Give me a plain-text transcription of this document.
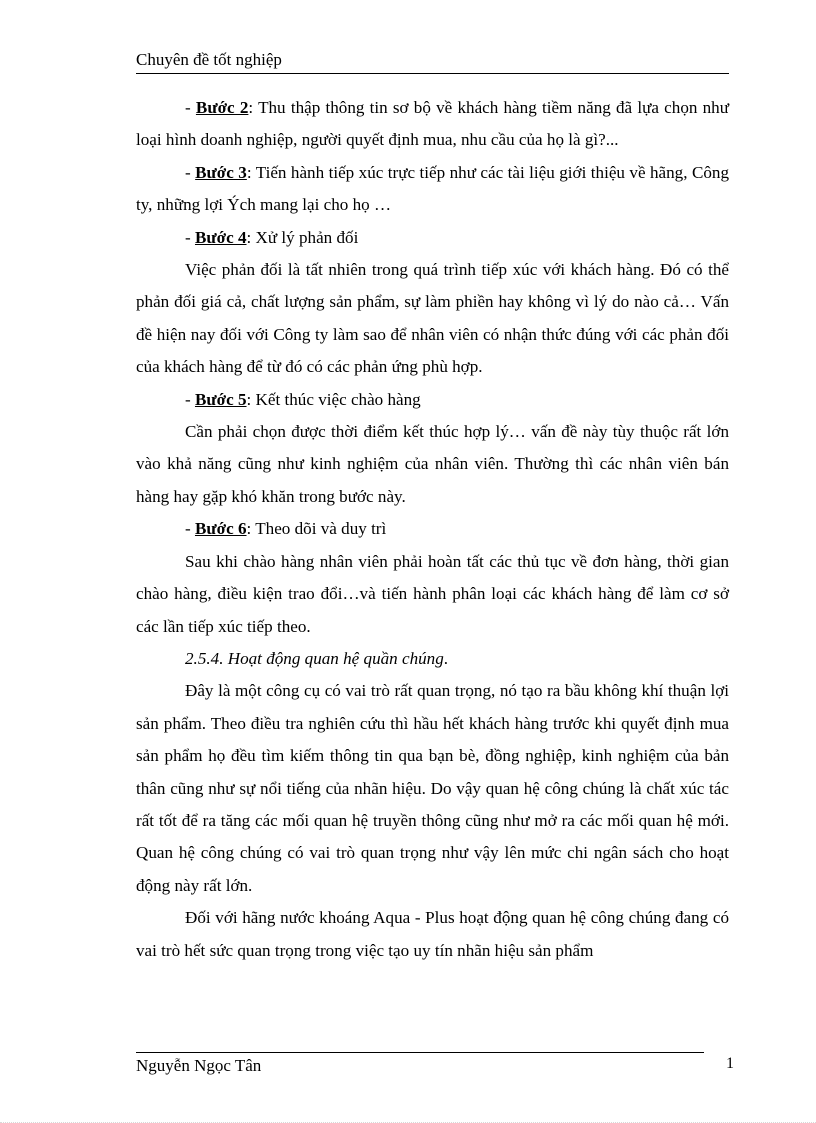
Chuyên đề tốt nghiệp

- Bước 2: Thu thập thông tin sơ bộ về khách hàng tiềm năng đã lựa chọn như loại hình doanh nghiệp, người quyết định mua, nhu cầu của họ là gì?...

- Bước 3: Tiến hành tiếp xúc trực tiếp như các tài liệu giới thiệu về hãng, Công ty, những lợi Ých mang lại cho họ …

- Bước 4: Xử lý phản đối

Việc phản đối là tất nhiên trong quá trình tiếp xúc với khách hàng. Đó có thể phản đối giá cả, chất lượng sản phẩm, sự làm phiền hay không vì lý do nào cả… Vấn đề hiện nay đối với Công ty làm sao để nhân viên có nhận thức đúng với các phản đối của khách hàng để từ đó có các phản ứng phù hợp.

- Bước 5: Kết thúc việc chào hàng

Cần phải chọn được thời điểm kết thúc hợp lý… vấn đề này tùy thuộc rất lớn vào khả năng cũng như kinh nghiệm của nhân viên. Thường thì các nhân viên bán hàng hay gặp khó khăn trong bước này.

- Bước 6: Theo dõi và duy trì

Sau khi chào hàng nhân viên phải hoàn tất các thủ tục về đơn hàng, thời gian chào hàng, điều kiện trao đổi…và tiến hành phân loại các khách hàng để làm cơ sở các lần tiếp xúc tiếp theo.

2.5.4. Hoạt động quan hệ quần chúng.

Đây là một công cụ có vai trò rất quan trọng, nó tạo ra bầu không khí thuận lợi sản phẩm. Theo điều tra nghiên cứu thì hầu hết khách hàng trước khi quyết định mua sản phẩm họ đều tìm kiếm thông tin qua bạn bè, đồng nghiệp, kinh nghiệm của bản thân cũng như sự nổi tiếng của nhãn hiệu. Do vậy quan hệ công chúng là chất xúc tác rất tốt để ra tăng các mối quan hệ truyền thông cũng như mở ra các mối quan hệ mới. Quan hệ công chúng có vai trò quan trọng như vậy lên mức chi ngân sách cho hoạt động này rất lớn.

Đối với hãng nước khoáng Aqua - Plus hoạt động quan hệ công chúng đang có vai trò hết sức quan trọng trong việc tạo uy tín nhãn hiệu sản phẩm

Nguyễn Ngọc Tân	1
